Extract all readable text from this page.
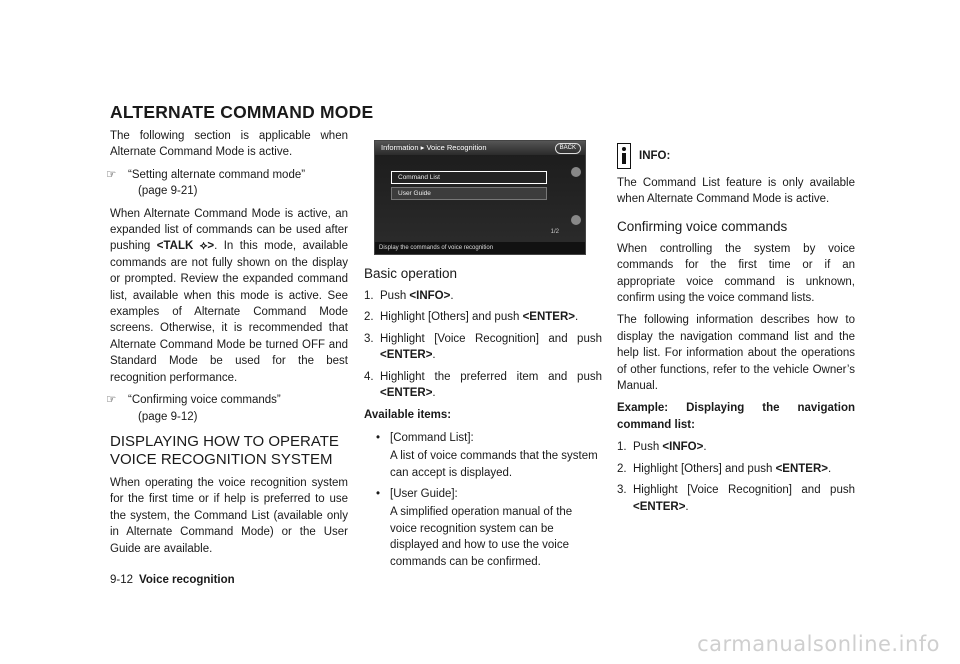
ALTERNATE COMMAND MODE

The following section is applicable when Alternate Command Mode is active.

☞ “Setting alternate command mode”
(page 9-21)

When Alternate Command Mode is active, an expanded list of commands can be used after pushing <TALK ⟡>. In this mode, available commands are not fully shown on the display or prompted. Review the expanded command list, available when this mode is active. See examples of Alternate Command Mode screens. Otherwise, it is recommended that Alternate Command Mode be turned OFF and Standard Mode be used for the best recognition performance.

☞ “Confirming voice commands”
(page 9-12)
DISPLAYING HOW TO OPERATE VOICE RECOGNITION SYSTEM

When operating the voice recognition system for the first time or if help is preferred to use the system, the Command List (available only in Alternate Command Mode) or the User Guide are available.

Information ▸ Voice Recognition	BACK
Command List
User Guide
1/2
Display the commands of voice recognition
Basic operation
1. Push <INFO>.
2. Highlight [Others] and push <ENTER>.
3. Highlight [Voice Recognition] and push <ENTER>.
4. Highlight the preferred item and push <ENTER>.
Available items:
• [Command List]:
A list of voice commands that the system can accept is displayed.
• [User Guide]:
A simplified operation manual of the voice recognition system can be displayed and how to use the voice commands can be confirmed.
INFO:

The Command List feature is only available when Alternate Command Mode is active.

Confirming voice commands

When controlling the system by voice commands for the first time or if an appropriate voice command is unknown, confirm using the voice command lists.

The following information describes how to display the navigation command list and the help list. For information about the operations of other functions, refer to the vehicle Owner’s Manual.

Example: Displaying the navigation command list:

1. Push <INFO>.
2. Highlight [Others] and push <ENTER>.
3. Highlight [Voice Recognition] and push <ENTER>.
9-12 Voice recognition
carmanualsonline.info
